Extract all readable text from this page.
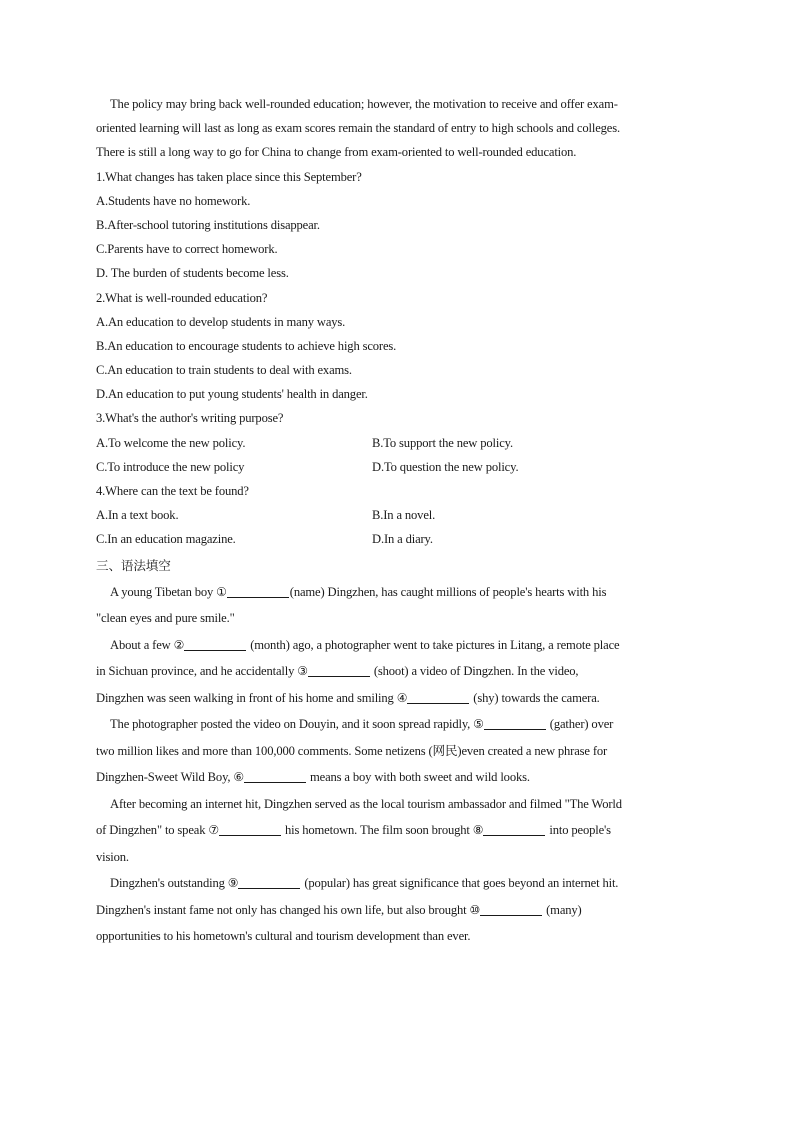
The policy may bring back well-rounded education; however, the motivation to receive and offer exam-
oriented learning will last as long as exam scores remain the standard of entry to high schools and colleges.
There is still a long way to go for China to change from exam-oriented to well-rounded education.
1.What changes has taken place since this September?
A.Students have no homework.
B.After-school tutoring institutions disappear.
C.Parents have to correct homework.
D. The burden of students become less.
2.What is well-rounded education?
A.An education to develop students in many ways.
B.An education to encourage students to achieve high scores.
C.An education to train students to deal with exams.
D.An education to put young students' health in danger.
3.What's the author's writing purpose?
A.To welcome the new policy.	B.To support the new policy.
C.To introduce the new policy	D.To question the new policy.
4.Where can the text be found?
A.In a text book.	B.In a novel.
C.In an education magazine.	D.In a diary.
三、语法填空
A young Tibetan boy ①	(name) Dingzhen, has caught millions of people's hearts with his
"clean eyes and pure smile."
About a few ②	(month) ago, a photographer went to take pictures in Litang, a remote place
in Sichuan province, and he accidentally ③	(shoot) a video of Dingzhen. In the video,
Dingzhen was seen walking in front of his home and smiling ④	(shy) towards the camera.
The photographer posted the video on Douyin, and it soon spread rapidly, ⑤	(gather) over
two million likes and more than 100,000 comments. Some netizens (网民)even created a new phrase for
Dingzhen-Sweet Wild Boy, ⑥	means a boy with both sweet and wild looks.
After becoming an internet hit, Dingzhen served as the local tourism ambassador and filmed "The World
of Dingzhen" to speak ⑦	his hometown. The film soon brought ⑧	into people's
vision.
Dingzhen's outstanding ⑨	(popular) has great significance that goes beyond an internet hit.
Dingzhen's instant fame not only has changed his own life, but also brought ⑩	(many)
opportunities to his hometown's cultural and tourism development than ever.
